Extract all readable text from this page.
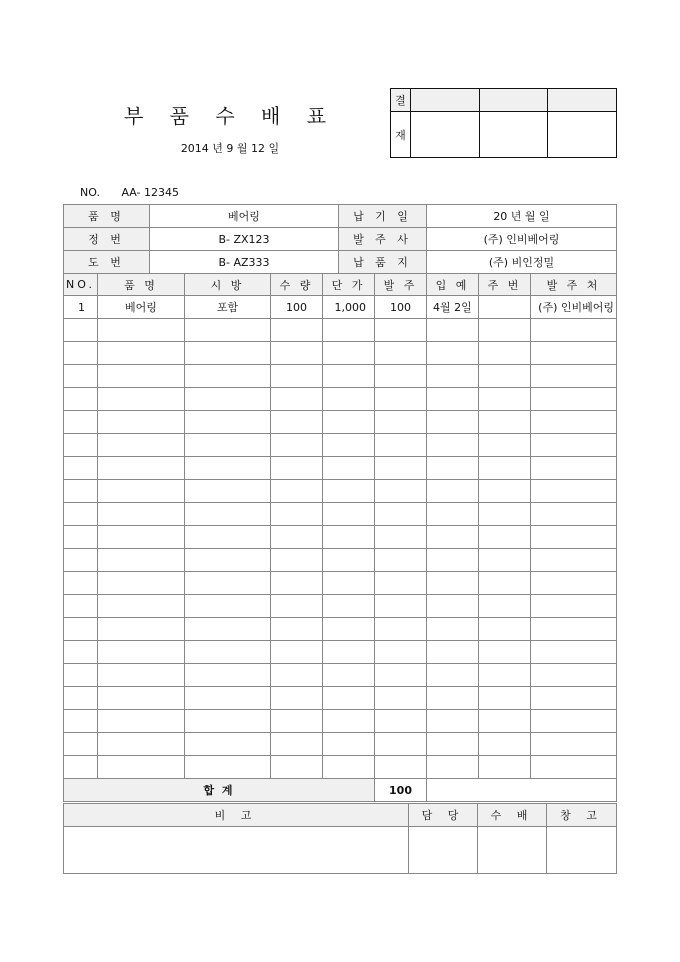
부 품 수 배 표
2014 년 9 월 12 일
NO. AA- 12345
결			
재			
품 명	베어링	납 기 일	20 년 월 일
정 번	B- ZX123	발 주 사	(주) 인비베어링
도 번	B- AZ333	납 품 지	(주) 비인정밀
NO.	품 명	시 방	수 량	단 가	발 주	입 예	주 번	발 주 처
1	베어링	포함	100	1,000	100	4월 2일		(주) 인비베어링

합 계					100			
비 고	담 당	수 배	창 고
